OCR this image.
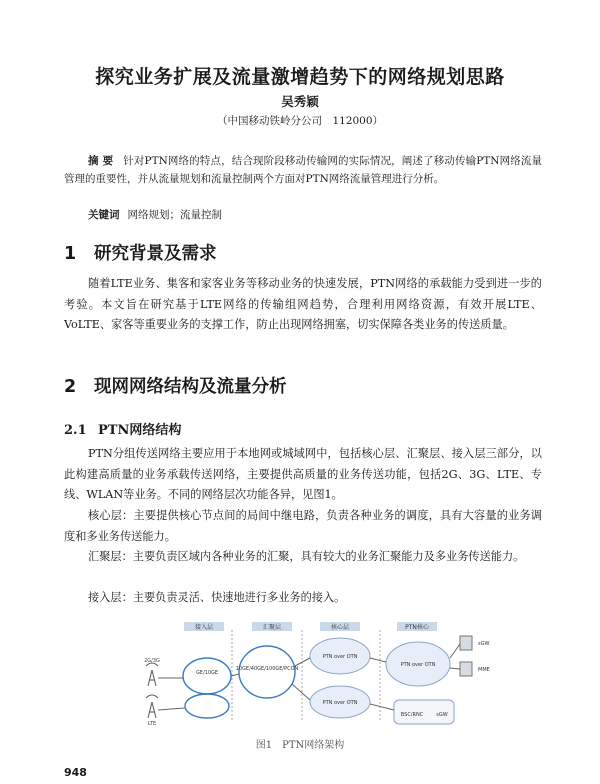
探究业务扩展及流量激增趋势下的网络规划思路
吴秀颖
（中国移动铁岭分公司　112000）
摘要 针对PTN网络的特点，结合现阶段移动传输网的实际情况，阐述了移动传输PTN网络流量管理的重要性，并从流量规划和流量控制两个方面对PTN网络流量管理进行分析。
关键词 网络规划；流量控制
1 研究背景及需求
随着LTE业务、集客和家客业务等移动业务的快速发展，PTN网络的承载能力受到进一步的考验。本文旨在研究基于LTE网络的传输组网趋势，合理利用网络资源，有效开展LTE、VoLTE、家客等重要业务的支撑工作，防止出现网络拥塞，切实保障各类业务的传送质量。
2 现网网络结构及流量分析
2.1 PTN网络结构
PTN分组传送网络主要应用于本地网或城域网中，包括核心层、汇聚层、接入层三部分，以此构建高质量的业务承载传送网络，主要提供高质量的业务传送功能，包括2G、3G、LTE、专线、WLAN等业务。不同的网络层次功能各异，见图1。
核心层：主要提供核心节点间的局间中继电路，负责各种业务的调度，具有大容量的业务调度和多业务传送能力。
汇聚层：主要负责区域内各种业务的汇聚，具有较大的业务汇聚能力及多业务传送能力。
接入层：主要负责灵活、快速地进行多业务的接入。
接入层	汇聚层	核心层	PTN核心
2G/3G
LTE
GE/10GE
10GE/40GE/100GE/PCON
PTN over OTN
PTN over OTN
PTN over OTN
BSC/RNC	sGW
sGW
MME
图1　PTN网络架构
948
